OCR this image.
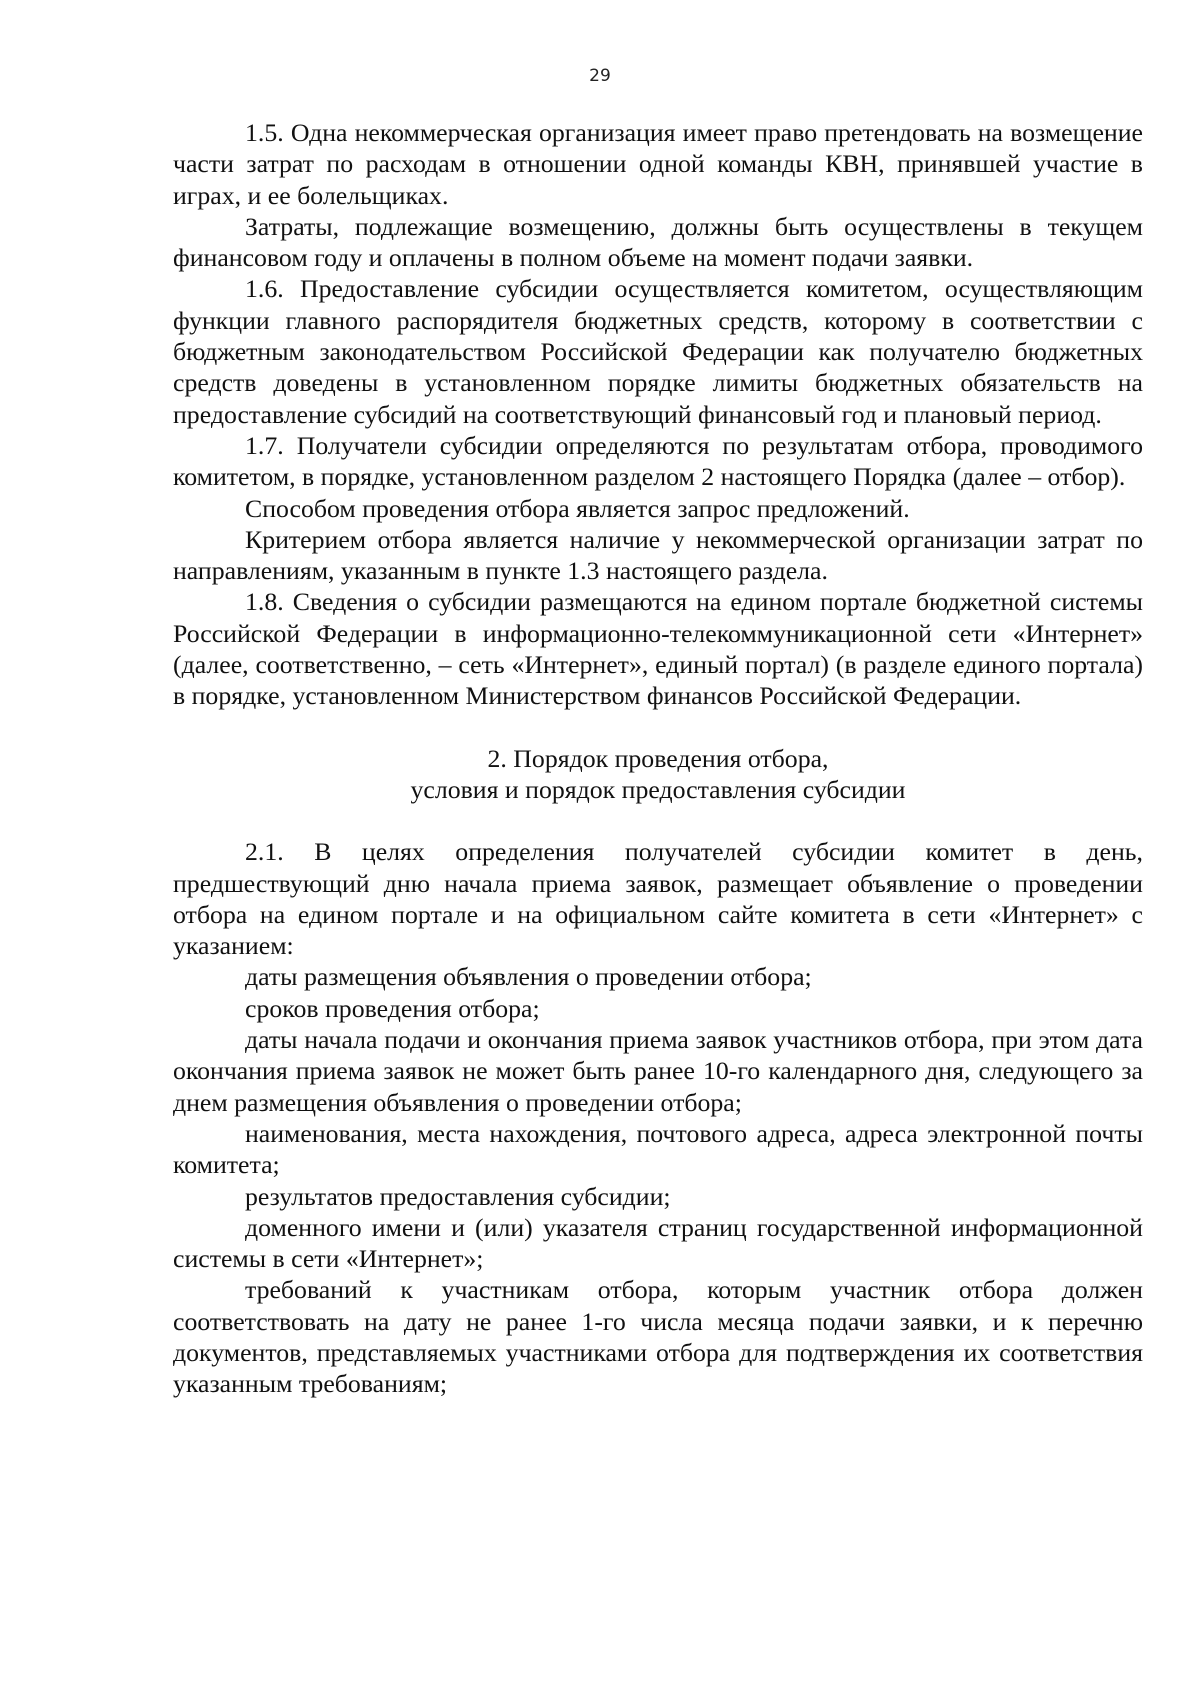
29

1.5. Одна некоммерческая организация имеет право претендовать на возмещение части затрат по расходам в отношении одной команды КВН, принявшей участие в играх, и ее болельщиках.

Затраты, подлежащие возмещению, должны быть осуществлены в текущем финансовом году и оплачены в полном объеме на момент подачи заявки.

1.6. Предоставление субсидии осуществляется комитетом, осуществляющим функции главного распорядителя бюджетных средств, которому в соответствии с бюджетным законодательством Российской Федерации как получателю бюджетных средств доведены в установленном порядке лимиты бюджетных обязательств на предоставление субсидий на соответствующий финансовый год и плановый период.

1.7. Получатели субсидии определяются по результатам отбора, проводимого комитетом, в порядке, установленном разделом 2 настоящего Порядка (далее – отбор).

Способом проведения отбора является запрос предложений.

Критерием отбора является наличие у некоммерческой организации затрат по направлениям, указанным в пункте 1.3 настоящего раздела.

1.8. Сведения о субсидии размещаются на едином портале бюджетной системы Российской Федерации в информационно-телекоммуникационной сети «Интернет» (далее, соответственно, – сеть «Интернет», единый портал) (в разделе единого портала) в порядке, установленном Министерством финансов Российской Федерации.

2. Порядок проведения отбора,
условия и порядок предоставления субсидии

2.1. В целях определения получателей субсидии комитет в день, предшествующий дню начала приема заявок, размещает объявление о проведении отбора на едином портале и на официальном сайте комитета в сети «Интернет» с указанием:

даты размещения объявления о проведении отбора;

сроков проведения отбора;

даты начала подачи и окончания приема заявок участников отбора, при этом дата окончания приема заявок не может быть ранее 10-го календарного дня, следующего за днем размещения объявления о проведении отбора;

наименования, места нахождения, почтового адреса, адреса электронной почты комитета;

результатов предоставления субсидии;

доменного имени и (или) указателя страниц государственной информационной системы в сети «Интернет»;

требований к участникам отбора, которым участник отбора должен соответствовать на дату не ранее 1-го числа месяца подачи заявки, и к перечню документов, представляемых участниками отбора для подтверждения их соответствия указанным требованиям;
